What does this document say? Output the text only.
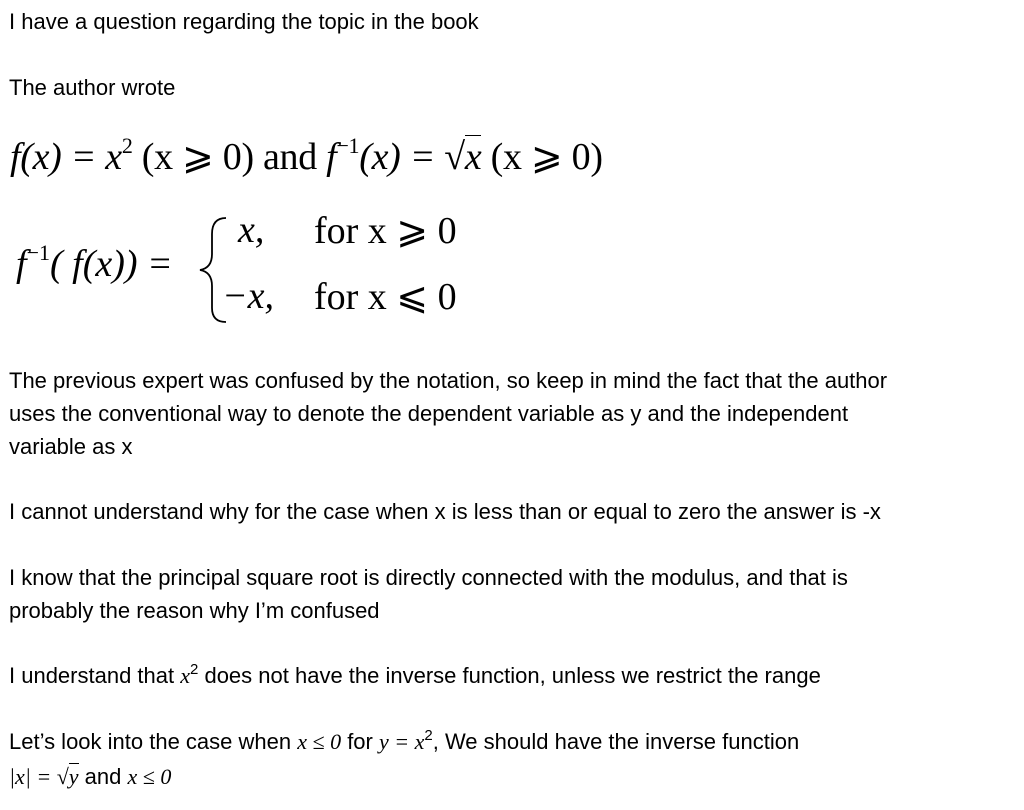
I have a question regarding the topic in the book
The author wrote
$f(x) = x^2$ (x ⩾ 0) and $f^{-1}(x) = √x$ (x ⩾ 0)
$f^{-1}$( f(x)) =
x, for x ⩾ 0
−x, for x ⩽ 0
The previous expert was confused by the notation, so keep in mind the fact that the author
uses the conventional way to denote the dependent variable as y and the independent
variable as x
I cannot understand why for the case when x is less than or equal to zero the answer is -x
I know that the principal square root is directly connected with the modulus, and that is
probably the reason why I’m confused
I understand that $x^2$ does not have the inverse function, unless we restrict the range
Let’s look into the case when x ≤ 0 for $y = x^2$, We should have the inverse function
|x| = √y and x ≤ 0
